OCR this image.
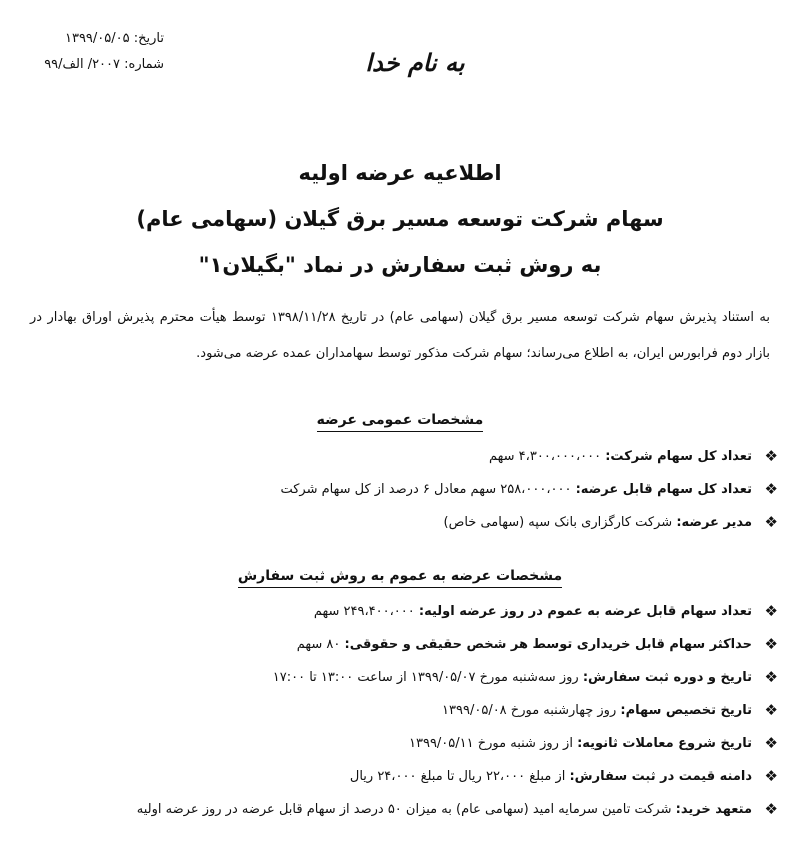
تاریخ: ۱۳۹۹/۰۵/۰۵
شماره: ۲۰۰۷/ الف/۹۹	به نام خدا
اطلاعیه عرضه اولیه
سهام شرکت توسعه مسیر برق گیلان (سهامی عام)
به روش ثبت سفارش در نماد "بگیلان۱"

به استناد پذیرش سهام شرکت توسعه مسیر برق گیلان (سهامی عام) در تاریخ ۱۳۹۸/۱۱/۲۸ توسط هیأت محترم پذیرش اوراق بهادار در بازار دوم فرابورس ایران، به اطلاع می‌رساند؛ سهام شرکت مذکور توسط سهامداران عمده عرضه می‌شود.

مشخصات عمومی عرضه
❖
تعداد کل سهام شرکت: ۴،۳۰۰،۰۰۰،۰۰۰ سهم
❖
تعداد کل سهام قابل عرضه: ۲۵۸،۰۰۰،۰۰۰ سهم معادل ۶ درصد از کل سهام شرکت
❖
مدیر عرضه: شرکت کارگزاری بانک سپه (سهامی خاص)
مشخصات عرضه به عموم به روش ثبت سفارش
❖
تعداد سهام قابل عرضه به عموم در روز عرضه اولیه: ۲۴۹،۴۰۰،۰۰۰ سهم
❖
حداکثر سهام قابل خریداری توسط هر شخص حقیقی و حقوقی: ۸۰ سهم
❖
تاریخ و دوره ثبت سفارش: روز سه‌شنبه مورخ ۱۳۹۹/۰۵/۰۷ از ساعت ۱۳:۰۰ تا ۱۷:۰۰
❖
تاریخ تخصیص سهام: روز چهارشنبه مورخ ۱۳۹۹/۰۵/۰۸
❖
تاریخ شروع معاملات ثانویه: از روز شنبه مورخ ۱۳۹۹/۰۵/۱۱
❖
دامنه قیمت در ثبت سفارش: از مبلغ ۲۲،۰۰۰ ریال تا مبلغ ۲۴،۰۰۰ ریال
❖
متعهد خرید: شرکت تامین سرمایه امید (سهامی عام) به میزان ۵۰ درصد از سهام قابل عرضه در روز عرضه اولیه
